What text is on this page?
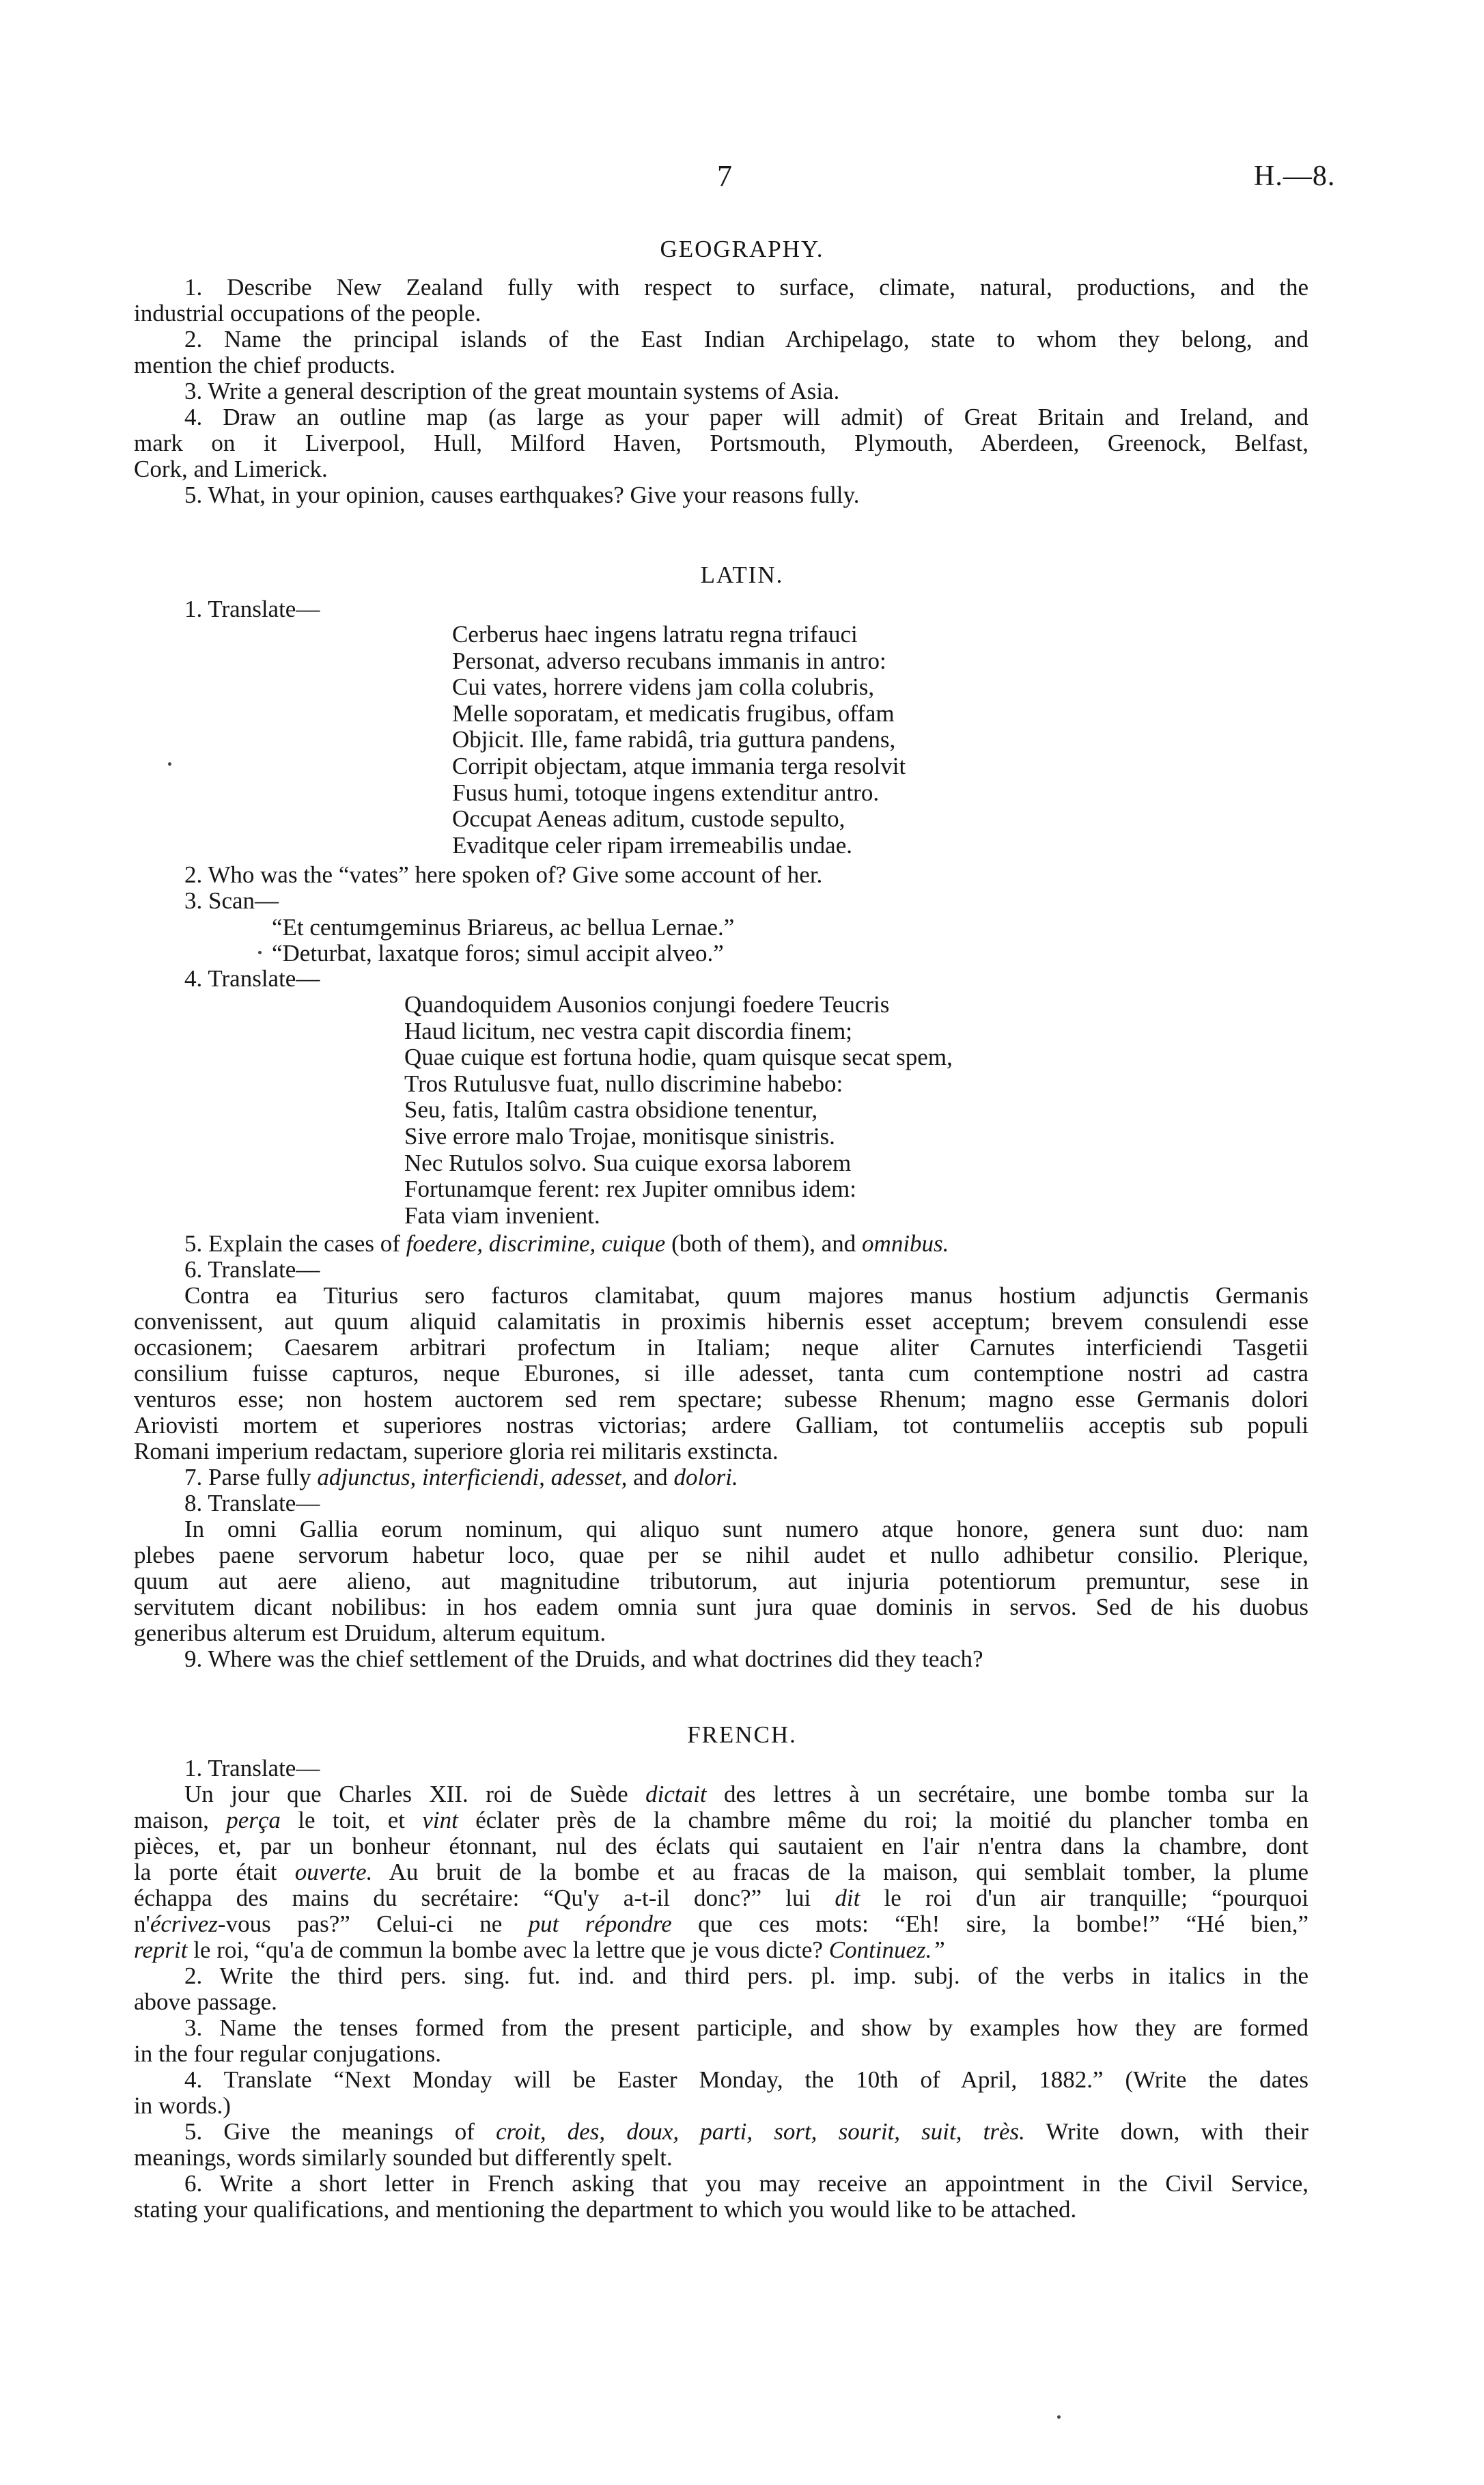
7	H.—8.
GEOGRAPHY.
1. Describe New Zealand fully with respect to surface, climate, natural, productions, and the
industrial occupations of the people.
2. Name the principal islands of the East Indian Archipelago, state to whom they belong, and
mention the chief products.
3. Write a general description of the great mountain systems of Asia.
4. Draw an outline map (as large as your paper will admit) of Great Britain and Ireland, and
mark on it Liverpool, Hull, Milford Haven, Portsmouth, Plymouth, Aberdeen, Greenock, Belfast,
Cork, and Limerick.
5. What, in your opinion, causes earthquakes? Give your reasons fully.
LATIN.
1. Translate—
Cerberus haec ingens latratu regna trifauci
Personat, adverso recubans immanis in antro:
Cui vates, horrere videns jam colla colubris,
Melle soporatam, et medicatis frugibus, offam
Objicit. Ille, fame rabidâ, tria guttura pandens,
Corripit objectam, atque immania terga resolvit
Fusus humi, totoque ingens extenditur antro.
Occupat Aeneas aditum, custode sepulto,
Evaditque celer ripam irremeabilis undae.
2. Who was the “vates” here spoken of? Give some account of her.
3. Scan—
“Et centumgeminus Briareus, ac bellua Lernae.”
“Deturbat, laxatque foros; simul accipit alveo.”
4. Translate—
Quandoquidem Ausonios conjungi foedere Teucris
Haud licitum, nec vestra capit discordia finem;
Quae cuique est fortuna hodie, quam quisque secat spem,
Tros Rutulusve fuat, nullo discrimine habebo:
Seu, fatis, Italûm castra obsidione tenentur,
Sive errore malo Trojae, monitisque sinistris.
Nec Rutulos solvo. Sua cuique exorsa laborem
Fortunamque ferent: rex Jupiter omnibus idem:
Fata viam invenient.
5. Explain the cases of foedere, discrimine, cuique (both of them), and omnibus.
6. Translate—
Contra ea Titurius sero facturos clamitabat, quum majores manus hostium adjunctis Germanis
convenissent, aut quum aliquid calamitatis in proximis hibernis esset acceptum; brevem consulendi esse
occasionem; Caesarem arbitrari profectum in Italiam; neque aliter Carnutes interficiendi Tasgetii
consilium fuisse capturos, neque Eburones, si ille adesset, tanta cum contemptione nostri ad castra
venturos esse; non hostem auctorem sed rem spectare; subesse Rhenum; magno esse Germanis dolori
Ariovisti mortem et superiores nostras victorias; ardere Galliam, tot contumeliis acceptis sub populi
Romani imperium redactam, superiore gloria rei militaris exstincta.
7. Parse fully adjunctus, interficiendi, adesset, and dolori.
8. Translate—
In omni Gallia eorum nominum, qui aliquo sunt numero atque honore, genera sunt duo: nam
plebes paene servorum habetur loco, quae per se nihil audet et nullo adhibetur consilio. Plerique,
quum aut aere alieno, aut magnitudine tributorum, aut injuria potentiorum premuntur, sese in
servitutem dicant nobilibus: in hos eadem omnia sunt jura quae dominis in servos. Sed de his duobus
generibus alterum est Druidum, alterum equitum.
9. Where was the chief settlement of the Druids, and what doctrines did they teach?
FRENCH.
1. Translate—
Un jour que Charles XII. roi de Suède dictait des lettres à un secrétaire, une bombe tomba sur la
maison, perça le toit, et vint éclater près de la chambre même du roi; la moitié du plancher tomba en
pièces, et, par un bonheur étonnant, nul des éclats qui sautaient en l'air n'entra dans la chambre, dont
la porte était ouverte. Au bruit de la bombe et au fracas de la maison, qui semblait tomber, la plume
échappa des mains du secrétaire: “Qu'y a-t-il donc?” lui dit le roi d'un air tranquille; “pourquoi
n'écrivez-vous pas?” Celui-ci ne put répondre que ces mots: “Eh! sire, la bombe!” “Hé bien,”
reprit le roi, “qu'a de commun la bombe avec la lettre que je vous dicte? Continuez.”
2. Write the third pers. sing. fut. ind. and third pers. pl. imp. subj. of the verbs in italics in the
above passage.
3. Name the tenses formed from the present participle, and show by examples how they are formed
in the four regular conjugations.
4. Translate “Next Monday will be Easter Monday, the 10th of April, 1882.” (Write the dates
in words.)
5. Give the meanings of croit, des, doux, parti, sort, sourit, suit, très. Write down, with their
meanings, words similarly sounded but differently spelt.
6. Write a short letter in French asking that you may receive an appointment in the Civil Service,
stating your qualifications, and mentioning the department to which you would like to be attached.
